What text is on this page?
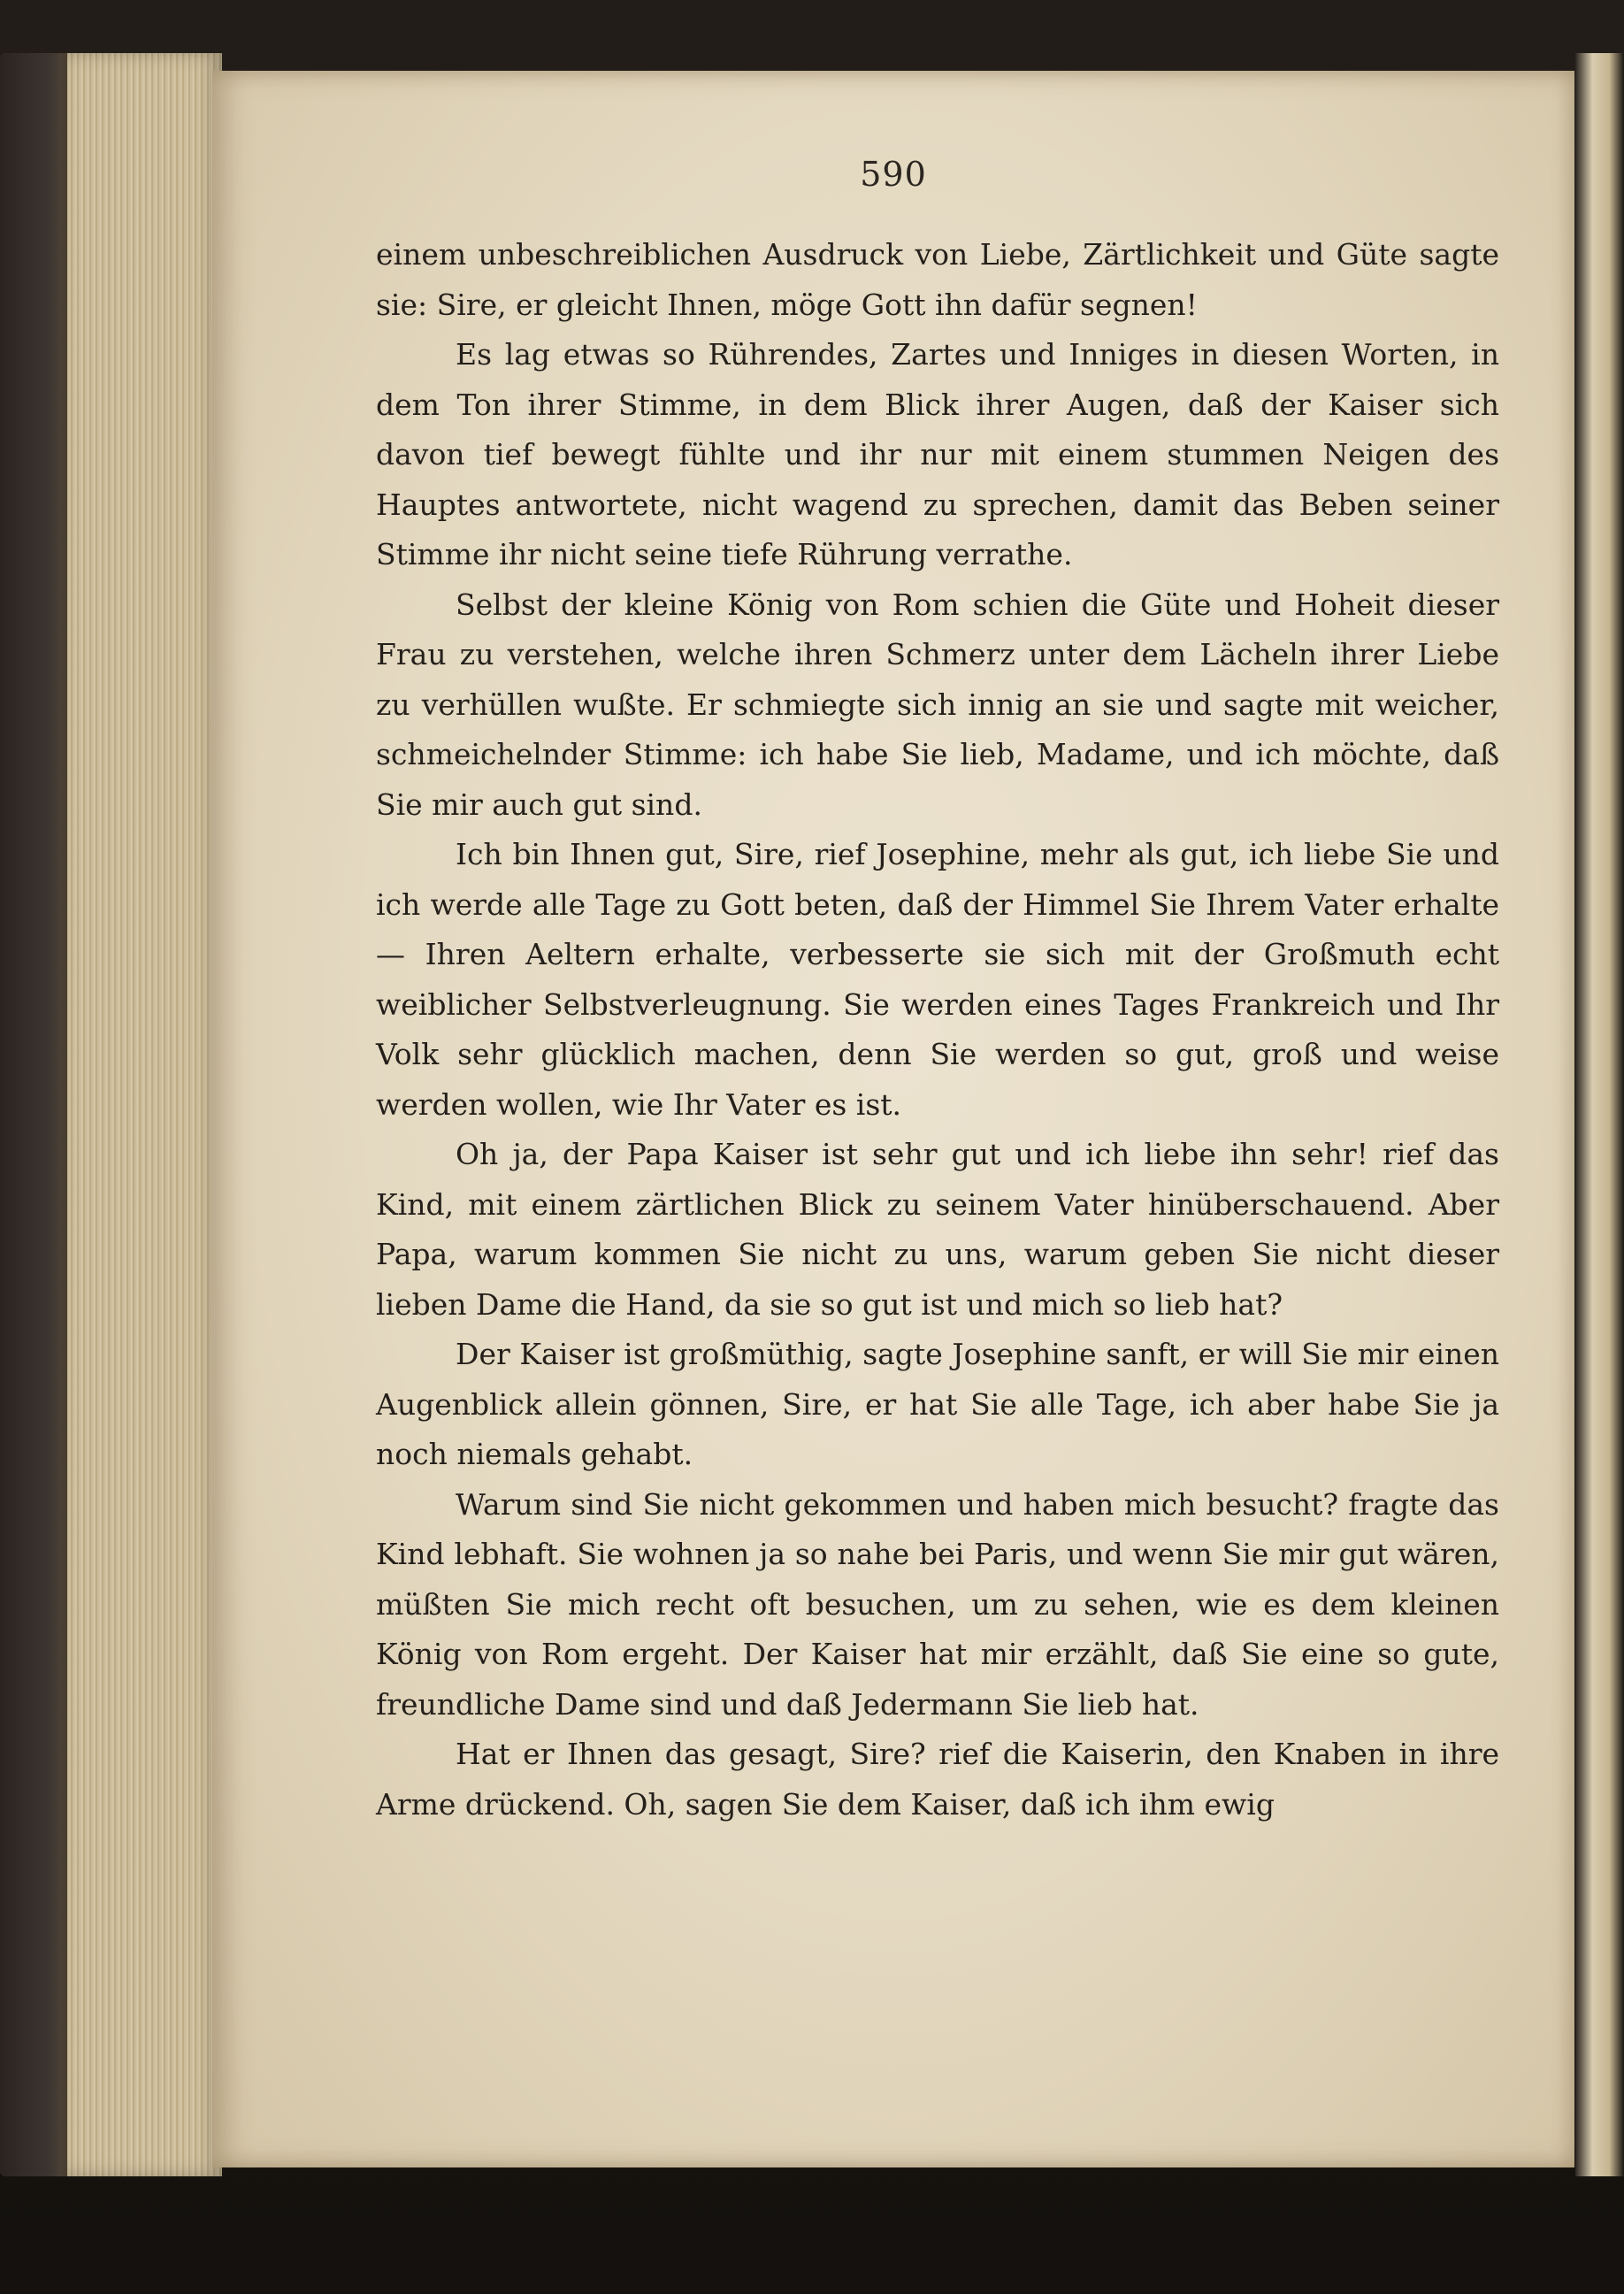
590

einem unbeschreiblichen Ausdruck von Liebe, Zärtlichkeit und Güte sagte sie: Sire, er gleicht Ihnen, möge Gott ihn dafür segnen!

Es lag etwas so Rührendes, Zartes und Inniges in diesen Worten, in dem Ton ihrer Stimme, in dem Blick ihrer Augen, daß der Kaiser sich davon tief bewegt fühlte und ihr nur mit einem stummen Neigen des Hauptes antwortete, nicht wagend zu sprechen, damit das Beben seiner Stimme ihr nicht seine tiefe Rührung verrathe.

Selbst der kleine König von Rom schien die Güte und Hoheit dieser Frau zu verstehen, welche ihren Schmerz unter dem Lächeln ihrer Liebe zu verhüllen wußte. Er schmiegte sich innig an sie und sagte mit weicher, schmeichelnder Stimme: ich habe Sie lieb, Madame, und ich möchte, daß Sie mir auch gut sind.

Ich bin Ihnen gut, Sire, rief Josephine, mehr als gut, ich liebe Sie und ich werde alle Tage zu Gott beten, daß der Himmel Sie Ihrem Vater erhalte — Ihren Aeltern erhalte, verbesserte sie sich mit der Großmuth echt weiblicher Selbstverleugnung. Sie werden eines Tages Frankreich und Ihr Volk sehr glücklich machen, denn Sie werden so gut, groß und weise werden wollen, wie Ihr Vater es ist.

Oh ja, der Papa Kaiser ist sehr gut und ich liebe ihn sehr! rief das Kind, mit einem zärtlichen Blick zu seinem Vater hinüberschauend. Aber Papa, warum kommen Sie nicht zu uns, warum geben Sie nicht dieser lieben Dame die Hand, da sie so gut ist und mich so lieb hat?

Der Kaiser ist großmüthig, sagte Josephine sanft, er will Sie mir einen Augenblick allein gönnen, Sire, er hat Sie alle Tage, ich aber habe Sie ja noch niemals gehabt.

Warum sind Sie nicht gekommen und haben mich besucht? fragte das Kind lebhaft. Sie wohnen ja so nahe bei Paris, und wenn Sie mir gut wären, müßten Sie mich recht oft besuchen, um zu sehen, wie es dem kleinen König von Rom ergeht. Der Kaiser hat mir erzählt, daß Sie eine so gute, freundliche Dame sind und daß Jedermann Sie lieb hat.

Hat er Ihnen das gesagt, Sire? rief die Kaiserin, den Knaben in ihre Arme drückend. Oh, sagen Sie dem Kaiser, daß ich ihm ewig
